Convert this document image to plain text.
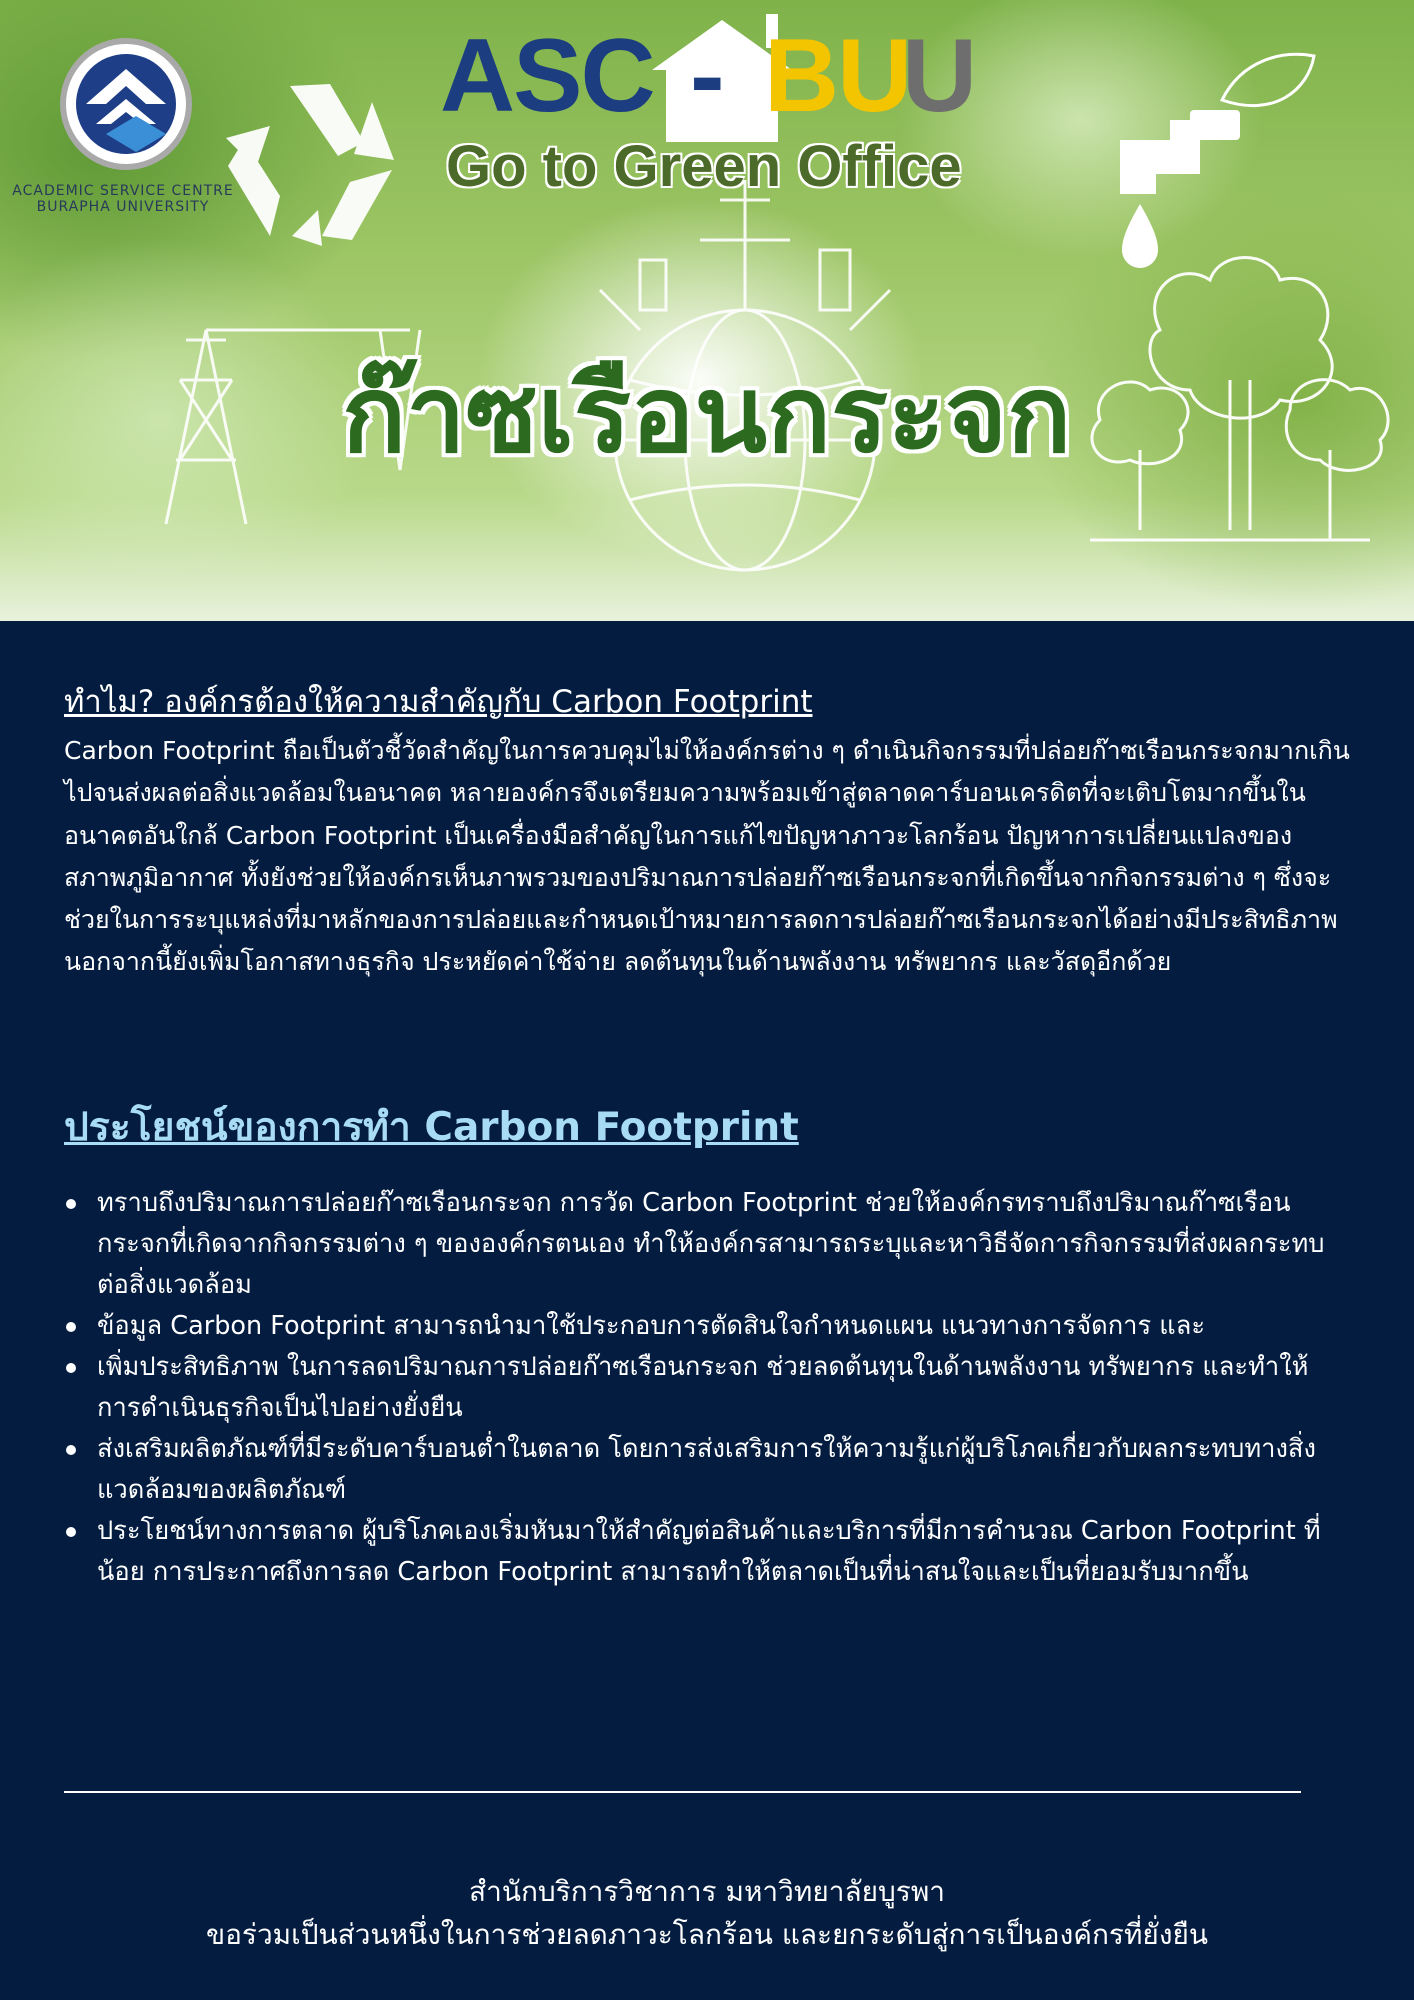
ACADEMIC SERVICE CENTRE
BURAPHA UNIVERSITY
ASC - BU
U
Go to Green Office
ก๊าซเรือนกระจก
ทำไม? องค์กรต้องให้ความสำคัญกับ Carbon Footprint

Carbon Footprint ถือเป็นตัวชี้วัดสำคัญในการควบคุมไม่ให้องค์กรต่าง ๆ ดำเนินกิจกรรมที่ปล่อยก๊าซเรือนกระจกมากเกินไปจนส่งผลต่อสิ่งแวดล้อมในอนาคต หลายองค์กรจึงเตรียมความพร้อมเข้าสู่ตลาดคาร์บอนเครดิตที่จะเติบโตมากขึ้นในอนาคตอันใกล้ Carbon Footprint เป็นเครื่องมือสำคัญในการแก้ไขปัญหาภาวะโลกร้อน ปัญหาการเปลี่ยนแปลงของสภาพภูมิอากาศ ทั้งยังช่วยให้องค์กรเห็นภาพรวมของปริมาณการปล่อยก๊าซเรือนกระจกที่เกิดขึ้นจากกิจกรรมต่าง ๆ ซึ่งจะช่วยในการระบุแหล่งที่มาหลักของการปล่อยและกำหนดเป้าหมายการลดการปล่อยก๊าซเรือนกระจกได้อย่างมีประสิทธิภาพ นอกจากนี้ยังเพิ่มโอกาสทางธุรกิจ ประหยัดค่าใช้จ่าย ลดต้นทุนในด้านพลังงาน ทรัพยากร และวัสดุอีกด้วย

ประโยชน์ของการทำ Carbon Footprint
ทราบถึงปริมาณการปล่อยก๊าซเรือนกระจก การวัด Carbon Footprint ช่วยให้องค์กรทราบถึงปริมาณก๊าซเรือนกระจกที่เกิดจากกิจกรรมต่าง ๆ ขององค์กรตนเอง ทำให้องค์กรสามารถระบุและหาวิธีจัดการกิจกรรมที่ส่งผลกระทบต่อสิ่งแวดล้อม
ข้อมูล Carbon Footprint สามารถนำมาใช้ประกอบการตัดสินใจกำหนดแผน แนวทางการจัดการ และ
เพิ่มประสิทธิภาพ ในการลดปริมาณการปล่อยก๊าซเรือนกระจก ช่วยลดต้นทุนในด้านพลังงาน ทรัพยากร และทำให้การดำเนินธุรกิจเป็นไปอย่างยั่งยืน
ส่งเสริมผลิตภัณฑ์ที่มีระดับคาร์บอนต่ำในตลาด โดยการส่งเสริมการให้ความรู้แก่ผู้บริโภคเกี่ยวกับผลกระทบทางสิ่งแวดล้อมของผลิตภัณฑ์
ประโยชน์ทางการตลาด ผู้บริโภคเองเริ่มหันมาให้สำคัญต่อสินค้าและบริการที่มีการคำนวณ Carbon Footprint ที่น้อย การประกาศถึงการลด Carbon Footprint สามารถทำให้ตลาดเป็นที่น่าสนใจและเป็นที่ยอมรับมากขึ้น
สำนักบริการวิชาการ มหาวิทยาลัยบูรพา
ขอร่วมเป็นส่วนหนึ่งในการช่วยลดภาวะโลกร้อน และยกระดับสู่การเป็นองค์กรที่ยั่งยืน
